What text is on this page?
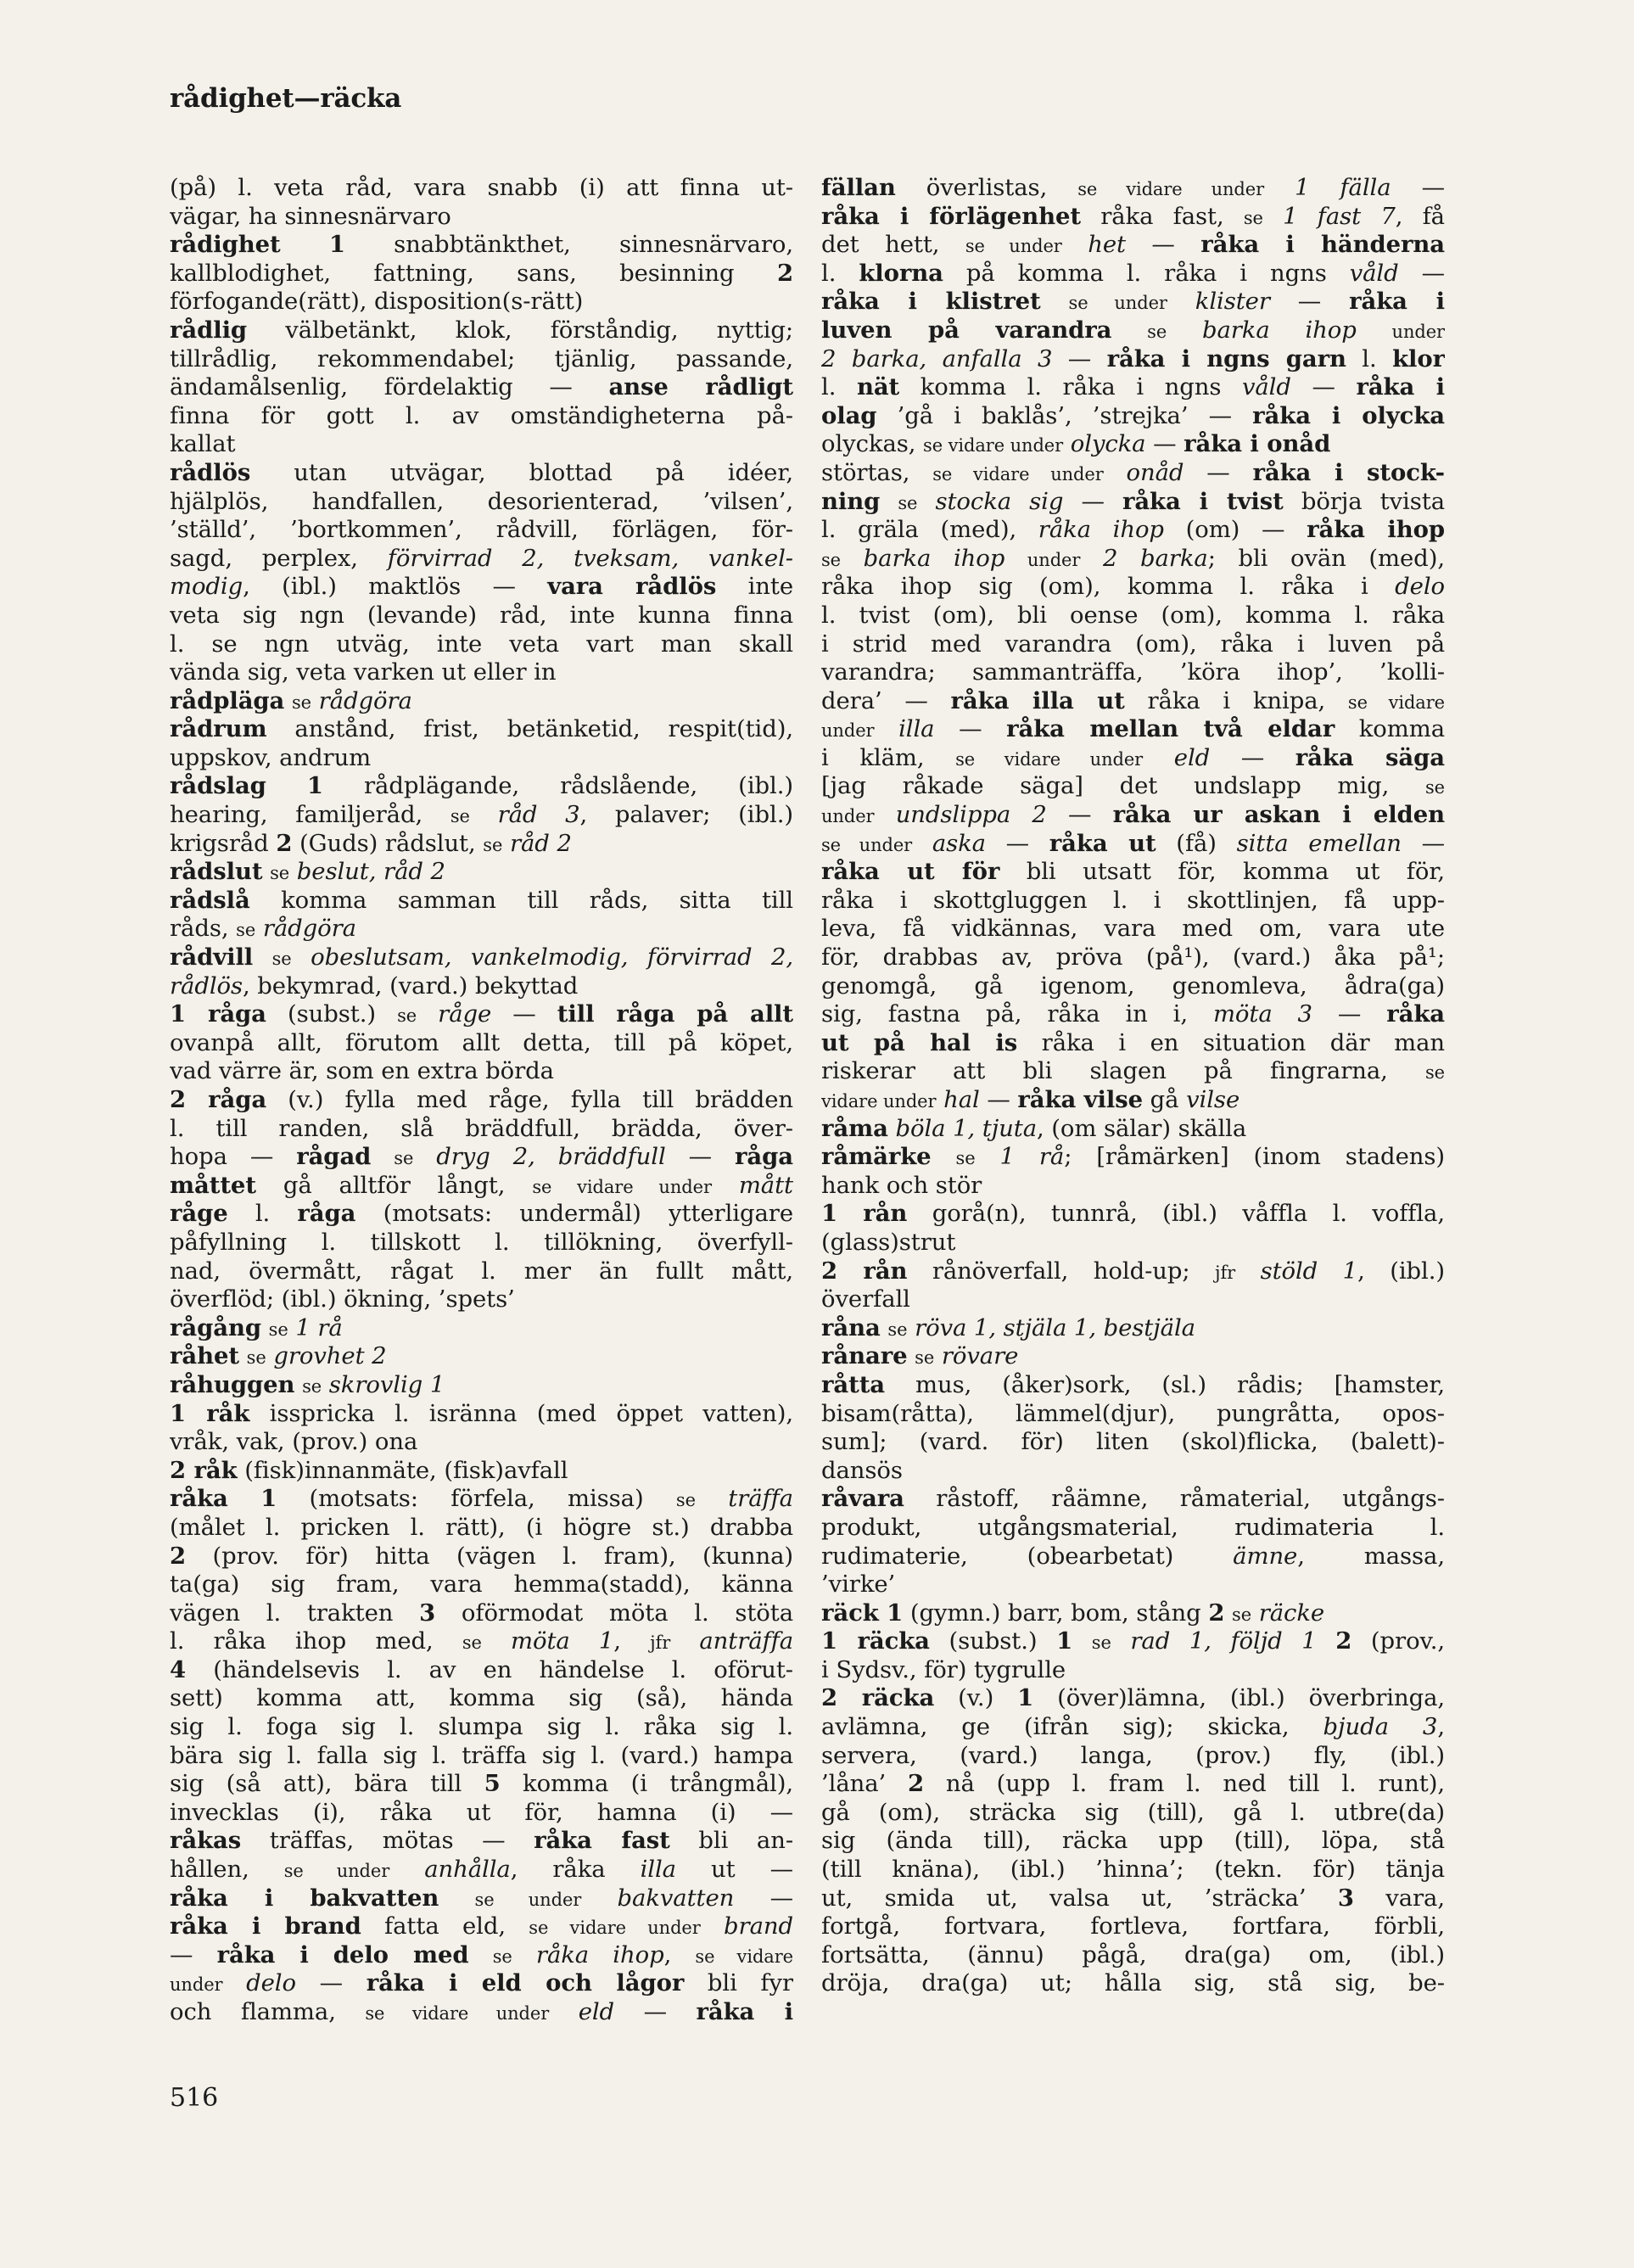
rådighet—räcka
(på) l. veta råd, vara snabb (i) att finna ut-
vägar, ha sinnesnärvaro
rådighet 1 snabbtänkthet, sinnesnärvaro,
kallblodighet, fattning, sans, besinning 2
förfogande(rätt), disposition(s-rätt)
rådlig välbetänkt, klok, förståndig, nyttig;
tillrådlig, rekommendabel; tjänlig, passande,
ändamålsenlig, fördelaktig — anse rådligt
finna för gott l. av omständigheterna på-
kallat
rådlös utan utvägar, blottad på idéer,
hjälplös, handfallen, desorienterad, ’vilsen’,
’ställd’, ’bortkommen’, rådvill, förlägen, för-
sagd, perplex, förvirrad 2, tveksam, vankel-
modig, (ibl.) maktlös — vara rådlös inte
veta sig ngn (levande) råd, inte kunna finna
l. se ngn utväg, inte veta vart man skall
vända sig, veta varken ut eller in
rådpläga se rådgöra
rådrum anstånd, frist, betänketid, respit(tid),
uppskov, andrum
rådslag 1 rådplägande, rådslående, (ibl.)
hearing, familjeråd, se råd 3, palaver; (ibl.)
krigsråd 2 (Guds) rådslut, se råd 2
rådslut se beslut, råd 2
rådslå komma samman till råds, sitta till
råds, se rådgöra
rådvill se obeslutsam, vankelmodig, förvirrad 2,
rådlös, bekymrad, (vard.) bekyttad
1 råga (subst.) se råge — till råga på allt
ovanpå allt, förutom allt detta, till på köpet,
vad värre är, som en extra börda
2 råga (v.) fylla med råge, fylla till brädden
l. till randen, slå bräddfull, brädda, över-
hopa — rågad se dryg 2, bräddfull — råga
måttet gå alltför långt, se vidare under mått
råge l. råga (motsats: undermål) ytterligare
påfyllning l. tillskott l. tillökning, överfyll-
nad, övermått, rågat l. mer än fullt mått,
överflöd; (ibl.) ökning, ’spets’
rågång se 1 rå
råhet se grovhet 2
råhuggen se skrovlig 1
1 råk isspricka l. isränna (med öppet vatten),
vråk, vak, (prov.) ona
2 råk (fisk)innanmäte, (fisk)avfall
råka 1 (motsats: förfela, missa) se träffa
(målet l. pricken l. rätt), (i högre st.) drabba
2 (prov. för) hitta (vägen l. fram), (kunna)
ta(ga) sig fram, vara hemma(stadd), känna
vägen l. trakten 3 oförmodat möta l. stöta
l. råka ihop med, se möta 1, jfr anträffa
4 (händelsevis l. av en händelse l. oförut-
sett) komma att, komma sig (så), hända
sig l. foga sig l. slumpa sig l. råka sig l.
bära sig l. falla sig l. träffa sig l. (vard.) hampa
sig (så att), bära till 5 komma (i trångmål),
invecklas (i), råka ut för, hamna (i) —
råkas träffas, mötas — råka fast bli an-
hållen, se under anhålla, råka illa ut —
råka i bakvatten se under bakvatten —
råka i brand fatta eld, se vidare under brand
— råka i delo med se råka ihop, se vidare
under delo — råka i eld och lågor bli fyr
och flamma, se vidare under eld — råka i
fällan överlistas, se vidare under 1 fälla —
råka i förlägenhet råka fast, se 1 fast 7, få
det hett, se under het — råka i händerna
l. klorna på komma l. råka i ngns våld —
råka i klistret se under klister — råka i
luven på varandra se barka ihop under
2 barka, anfalla 3 — råka i ngns garn l. klor
l. nät komma l. råka i ngns våld — råka i
olag ’gå i baklås’, ’strejka’ — råka i olycka
olyckas, se vidare under olycka — råka i onåd
störtas, se vidare under onåd — råka i stock-
ning se stocka sig — råka i tvist börja tvista
l. gräla (med), råka ihop (om) — råka ihop
se barka ihop under 2 barka; bli ovän (med),
råka ihop sig (om), komma l. råka i delo
l. tvist (om), bli oense (om), komma l. råka
i strid med varandra (om), råka i luven på
varandra; sammanträffa, ’köra ihop’, ’kolli-
dera’ — råka illa ut råka i knipa, se vidare
under illa — råka mellan två eldar komma
i kläm, se vidare under eld — råka säga
[jag råkade säga] det undslapp mig, se
under undslippa 2 — råka ur askan i elden
se under aska — råka ut (få) sitta emellan —
råka ut för bli utsatt för, komma ut för,
råka i skottgluggen l. i skottlinjen, få upp-
leva, få vidkännas, vara med om, vara ute
för, drabbas av, pröva (på¹), (vard.) åka på¹;
genomgå, gå igenom, genomleva, ådra(ga)
sig, fastna på, råka in i, möta 3 — råka
ut på hal is råka i en situation där man
riskerar att bli slagen på fingrarna, se
vidare under hal — råka vilse gå vilse
råma böla 1, tjuta, (om sälar) skälla
råmärke se 1 rå; [råmärken] (inom stadens)
hank och stör
1 rån gorå(n), tunnrå, (ibl.) våffla l. voffla,
(glass)strut
2 rån rånöverfall, hold-up; jfr stöld 1, (ibl.)
överfall
råna se röva 1, stjäla 1, bestjäla
rånare se rövare
råtta mus, (åker)sork, (sl.) rådis; [hamster,
bisam(råtta), lämmel(djur), pungråtta, opos-
sum]; (vard. för) liten (skol)flicka, (balett)-
dansös
råvara råstoff, råämne, råmaterial, utgångs-
produkt, utgångsmaterial, rudimateria l.
rudimaterie, (obearbetat) ämne, massa,
’virke’
räck 1 (gymn.) barr, bom, stång 2 se räcke
1 räcka (subst.) 1 se rad 1, följd 1 2 (prov.,
i Sydsv., för) tygrulle
2 räcka (v.) 1 (över)lämna, (ibl.) överbringa,
avlämna, ge (ifrån sig); skicka, bjuda 3,
servera, (vard.) langa, (prov.) fly, (ibl.)
’låna’ 2 nå (upp l. fram l. ned till l. runt),
gå (om), sträcka sig (till), gå l. utbre(da)
sig (ända till), räcka upp (till), löpa, stå
(till knäna), (ibl.) ’hinna’; (tekn. för) tänja
ut, smida ut, valsa ut, ’sträcka’ 3 vara,
fortgå, fortvara, fortleva, fortfara, förbli,
fortsätta, (ännu) pågå, dra(ga) om, (ibl.)
dröja, dra(ga) ut; hålla sig, stå sig, be-
516
